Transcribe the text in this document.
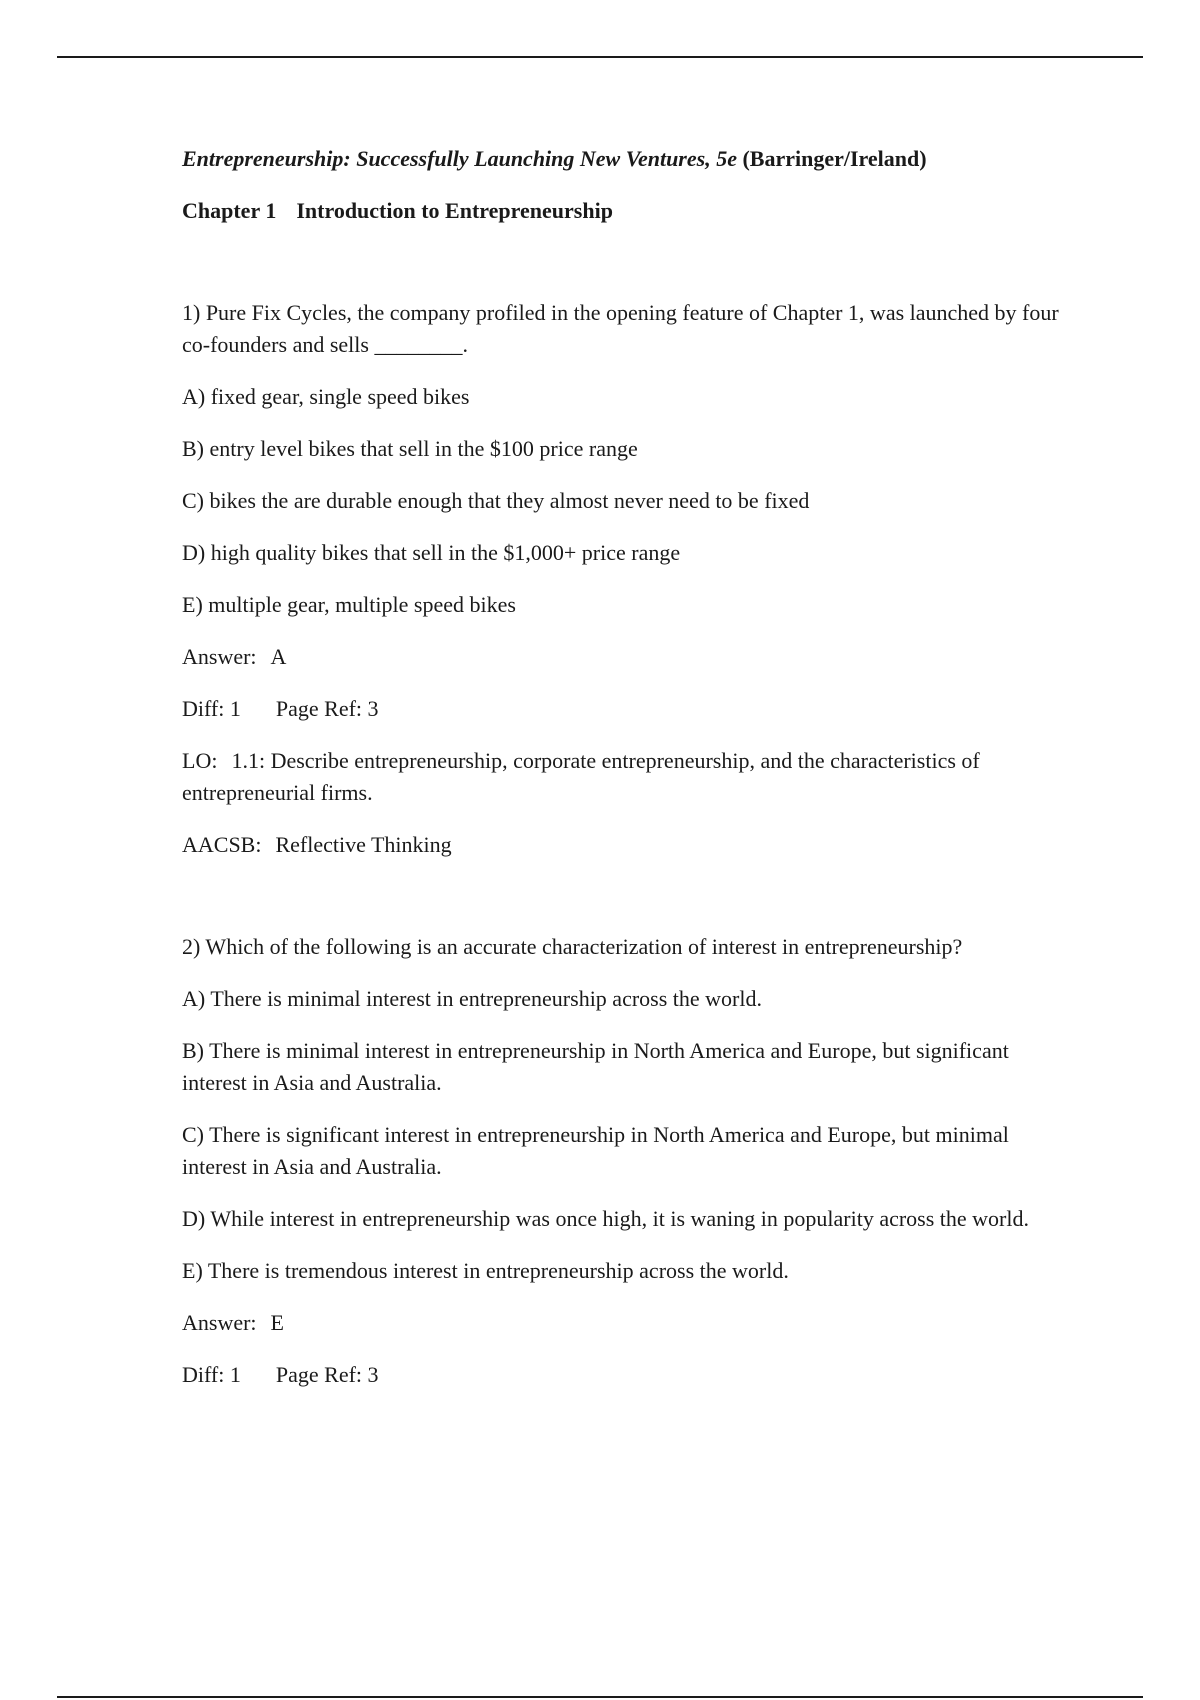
Entrepreneurship: Successfully Launching New Ventures, 5e (Barringer/Ireland)

Chapter 1 Introduction to Entrepreneurship

1) Pure Fix Cycles, the company profiled in the opening feature of Chapter 1, was launched by four co-founders and sells ________.

A) fixed gear, single speed bikes

B) entry level bikes that sell in the $100 price range

C) bikes the are durable enough that they almost never need to be fixed

D) high quality bikes that sell in the $1,000+ price range

E) multiple gear, multiple speed bikes

Answer: A

Diff: 1 Page Ref: 3

LO: 1.1: Describe entrepreneurship, corporate entrepreneurship, and the characteristics of entrepreneurial firms.

AACSB: Reflective Thinking

2) Which of the following is an accurate characterization of interest in entrepreneurship?

A) There is minimal interest in entrepreneurship across the world.

B) There is minimal interest in entrepreneurship in North America and Europe, but significant interest in Asia and Australia.

C) There is significant interest in entrepreneurship in North America and Europe, but minimal interest in Asia and Australia.

D) While interest in entrepreneurship was once high, it is waning in popularity across the world.

E) There is tremendous interest in entrepreneurship across the world.

Answer: E

Diff: 1 Page Ref: 3
